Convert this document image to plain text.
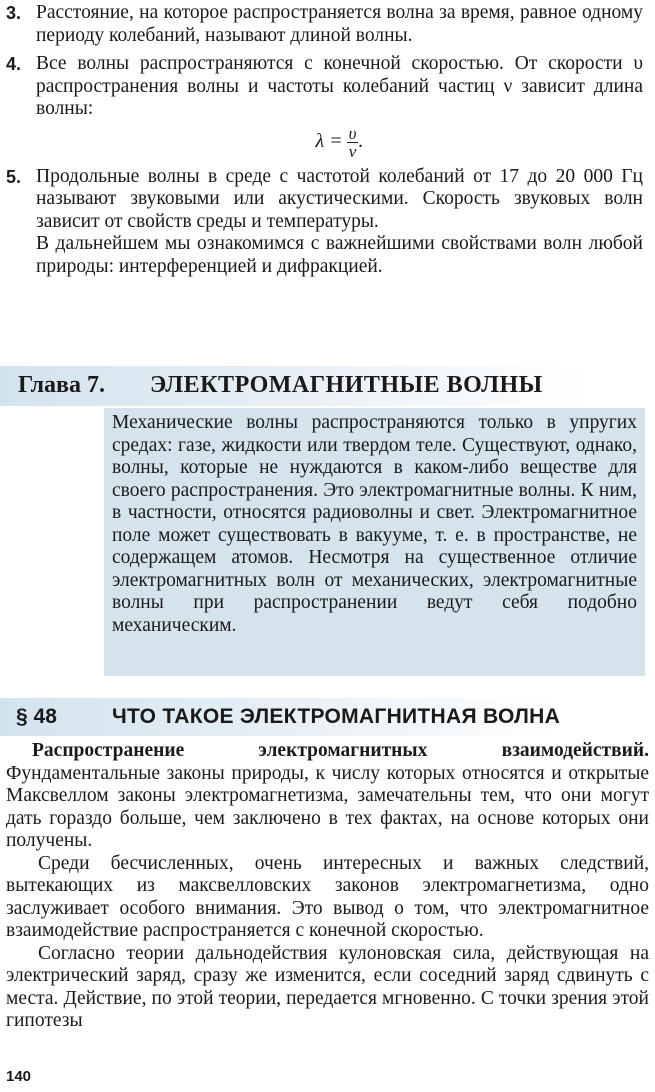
3. Расстояние, на которое распространяется волна за время, равное одному периоду колебаний, называют длиной волны.

4. Все волны распространяются с конечной скоростью. От скорости υ распространения волны и частоты колебаний частиц ν зависит длина волны:

$\lambda = \frac{\upsilon}{\nu}$ .
5. Продольные волны в среде с частотой колебаний от 17 до 20 000 Гц называют звуковыми или акустическими. Скорость звуковых волн зависит от свойств среды и температуры.

В дальнейшем мы ознакомимся с важнейшими свойствами волн любой природы: интерференцией и дифракцией.

Глава 7. ЭЛЕКТРОМАГНИТНЫЕ ВОЛНЫ

Механические волны распространяются только в упругих средах: газе, жидкости или твердом теле. Существуют, однако, волны, которые не нуждаются в каком-либо веществе для своего распространения. Это электромагнитные волны. К ним, в частности, относятся радиоволны и свет. Электромагнитное поле может существовать в вакууме, т. е. в пространстве, не содержащем атомов. Несмотря на существенное отличие электромагнитных волн от механических, электромагнитные волны при распространении ведут себя подобно механическим.

§ 48	ЧТО ТАКОЕ ЭЛЕКТРОМАГНИТНАЯ ВОЛНА

Распространение электромагнитных взаимодействий. Фундаментальные законы природы, к числу которых относятся и открытые Максвеллом законы электромагнетизма, замечательны тем, что они могут дать гораздо больше, чем заключено в тех фактах, на основе которых они получены.

Среди бесчисленных, очень интересных и важных следствий, вытекающих из максвелловских законов электромагнетизма, одно заслуживает особого внимания. Это вывод о том, что электромагнитное взаимодействие распространяется с конечной скоростью.

Согласно теории дальнодействия кулоновская сила, действующая на электрический заряд, сразу же изменится, если соседний заряд сдвинуть с места. Действие, по этой теории, передается мгновенно. С точки зрения этой гипотезы

140
